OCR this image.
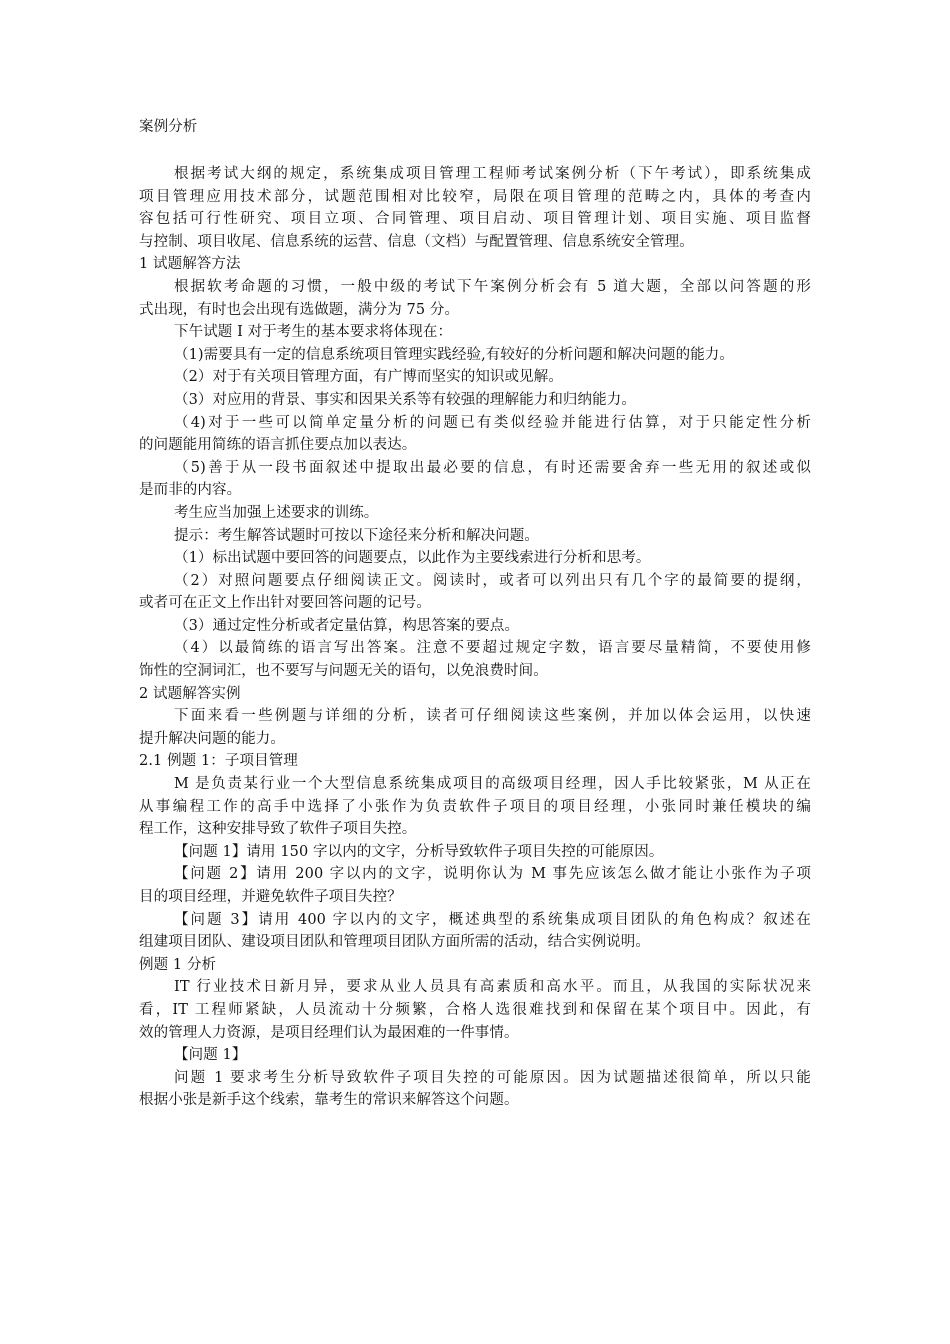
案例分析
根据考试大纲的规定，系统集成项目管理工程师考试案例分析（下午考试），即系统集成
项目管理应用技术部分，试题范围相对比较窄，局限在项目管理的范畴之内，具体的考查内
容包括可行性研究、项目立项、合同管理、项目启动、项目管理计划、项目实施、项目监督
与控制、项目收尾、信息系统的运营、信息（文档）与配置管理、信息系统安全管理。
1 试题解答方法
根据软考命题的习惯，一般中级的考试下午案例分析会有 5 道大题，全部以问答题的形
式出现，有时也会出现有选做题，满分为 75 分。
下午试题 I 对于考生的基本要求将体现在：
（1)需要具有一定的信息系统项目管理实践经验,有较好的分析问题和解决问题的能力。
（2）对于有关项目管理方面，有广博而坚实的知识或见解。
（3）对应用的背景、事实和因果关系等有较强的理解能力和归纳能力。
（4)对于一些可以简单定量分析的问题已有类似经验并能进行估算，对于只能定性分析
的问题能用简练的语言抓住要点加以表达。
（5)善于从一段书面叙述中提取出最必要的信息，有时还需要舍弃一些无用的叙述或似
是而非的内容。
考生应当加强上述要求的训练。
提示：考生解答试题时可按以下途径来分析和解决问题。
（1）标出试题中要回答的问题要点，以此作为主要线索进行分析和思考。
（2）对照问题要点仔细阅读正文。阅读时，或者可以列出只有几个字的最简要的提纲，
或者可在正文上作出针对要回答问题的记号。
（3）通过定性分析或者定量估算，构思答案的要点。
（4）以最简练的语言写出答案。注意不要超过规定字数，语言要尽量精简，不要使用修
饰性的空洞词汇，也不要写与问题无关的语句，以免浪费时间。
2 试题解答实例
下面来看一些例题与详细的分析，读者可仔细阅读这些案例，并加以体会运用，以快速
提升解决问题的能力。
2.1 例题 1：子项目管理
M 是负责某行业一个大型信息系统集成项目的高级项目经理，因人手比较紧张，M 从正在
从事编程工作的高手中选择了小张作为负责软件子项目的项目经理，小张同时兼任模块的编
程工作，这种安排导致了软件子项目失控。
【问题 1】请用 150 字以内的文字，分析导致软件子项目失控的可能原因。
【问题 2】请用 200 字以内的文字，说明你认为 M 事先应该怎么做才能让小张作为子项
目的项目经理，并避免软件子项目失控？
【问题 3】请用 400 字以内的文字，概述典型的系统集成项目团队的角色构成？叙述在
组建项目团队、建设项目团队和管理项目团队方面所需的活动，结合实例说明。
例题 1 分析
IT 行业技术日新月异，要求从业人员具有高素质和高水平。而且，从我国的实际状况来
看，IT 工程师紧缺，人员流动十分频繁，合格人选很难找到和保留在某个项目中。因此，有
效的管理人力资源，是项目经理们认为最困难的一件事情。
【问题 1】
问题 1 要求考生分析导致软件子项目失控的可能原因。因为试题描述很简单，所以只能
根据小张是新手这个线索，靠考生的常识来解答这个问题。
